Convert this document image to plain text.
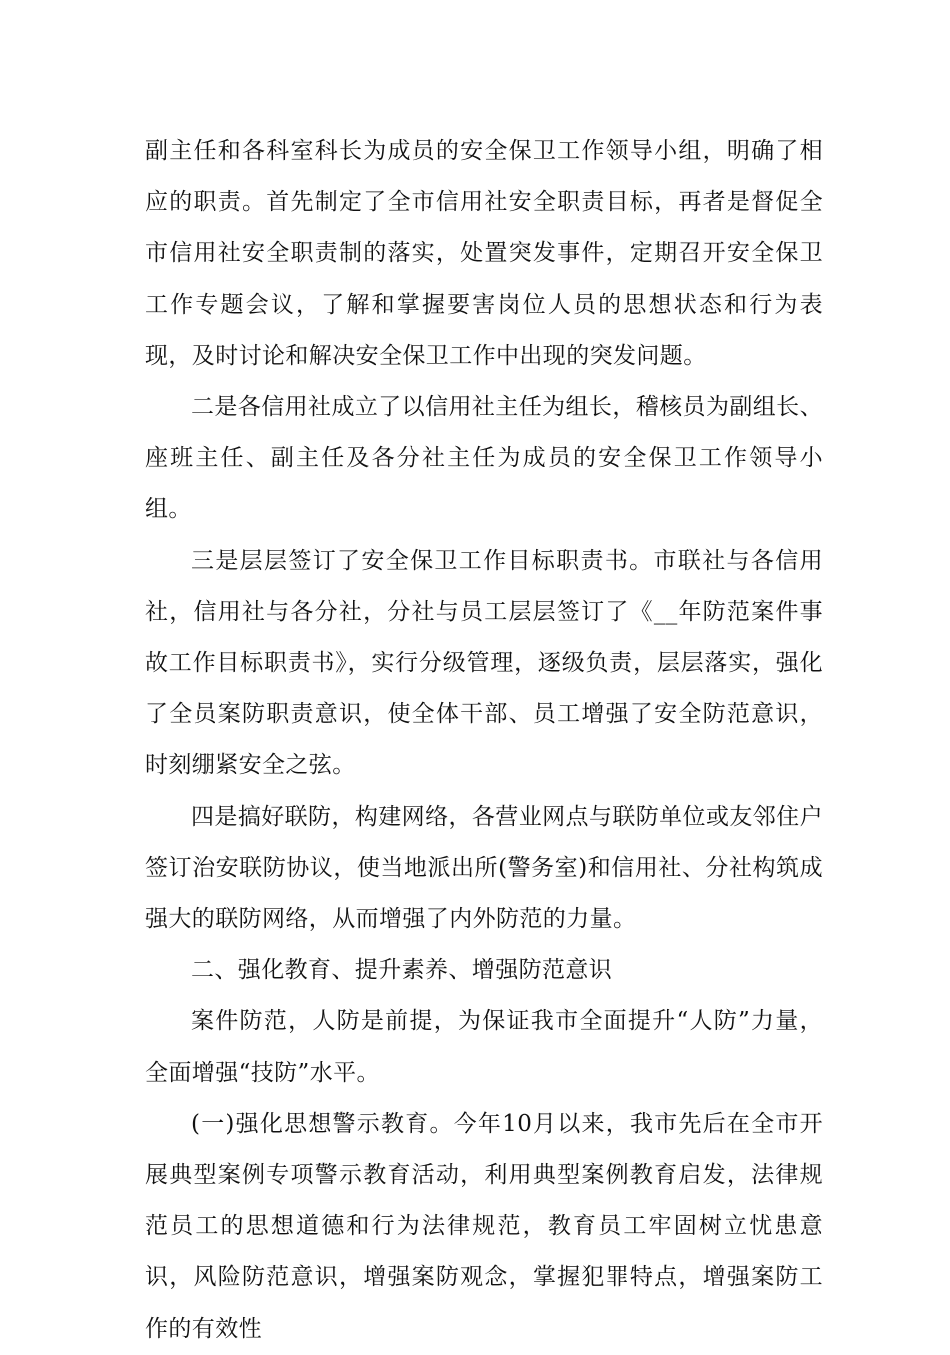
副主任和各科室科长为成员的安全保卫工作领导小组，明确了相应的职责。首先制定了全市信用社安全职责目标，再者是督促全市信用社安全职责制的落实，处置突发事件，定期召开安全保卫工作专题会议，了解和掌握要害岗位人员的思想状态和行为表现，及时讨论和解决安全保卫工作中出现的突发问题。

二是各信用社成立了以信用社主任为组长，稽核员为副组长、座班主任、副主任及各分社主任为成员的安全保卫工作领导小组。

三是层层签订了安全保卫工作目标职责书。市联社与各信用社，信用社与各分社，分社与员工层层签订了《__年防范案件事故工作目标职责书》，实行分级管理，逐级负责，层层落实，强化了全员案防职责意识，使全体干部、员工增强了安全防范意识，时刻绷紧安全之弦。

四是搞好联防，构建网络，各营业网点与联防单位或友邻住户签订治安联防协议，使当地派出所(警务室)和信用社、分社构筑成强大的联防网络，从而增强了内外防范的力量。

二、强化教育、提升素养、增强防范意识

案件防范，人防是前提，为保证我市全面提升“人防”力量，全面增强“技防”水平。

(一)强化思想警示教育。今年10月以来，我市先后在全市开展典型案例专项警示教育活动，利用典型案例教育启发，法律规范员工的思想道德和行为法律规范，教育员工牢固树立忧患意识，风险防范意识，增强案防观念，掌握犯罪特点，增强案防工作的有效性
